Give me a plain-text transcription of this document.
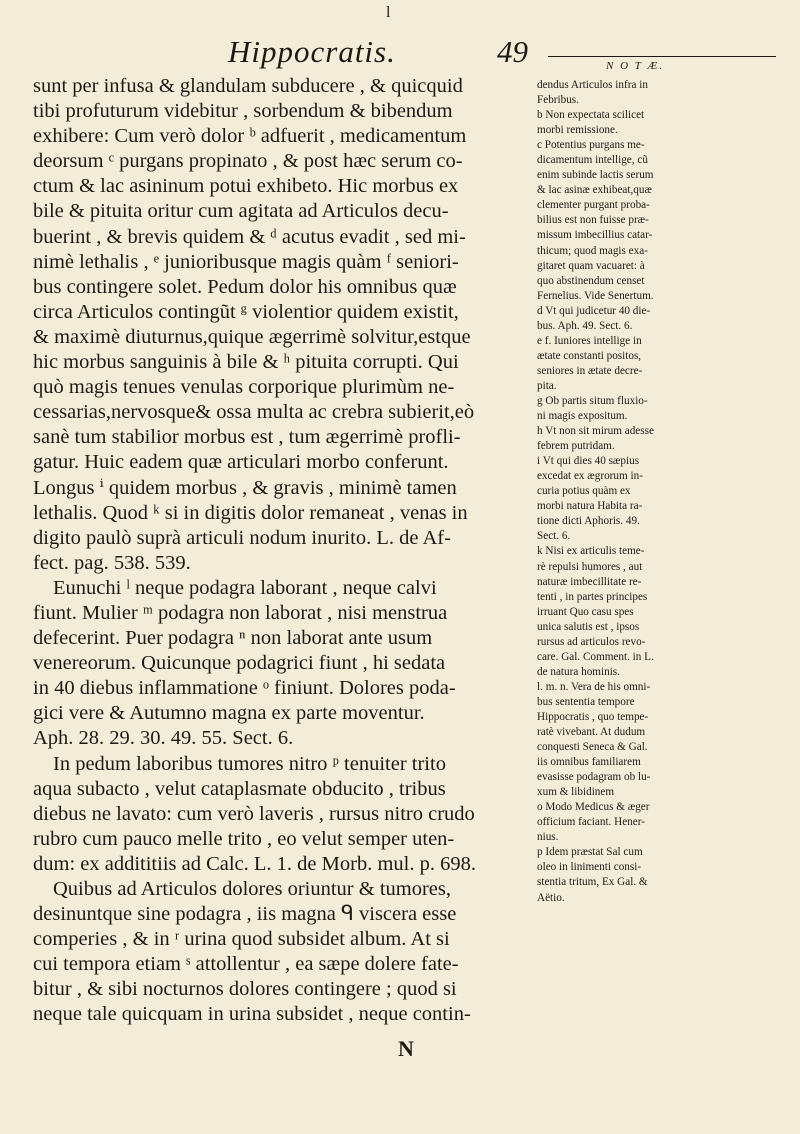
l
Hippocratis.	49	N O T Æ.
sunt per infusa & glandulam subducere , & quicquid
tibi profuturum videbitur , sorbendum & bibendum
exhibere: Cum verò dolor ᵇ adfuerit , medicamentum
deorsum ᶜ purgans propinato , & post hæc serum co-
ctum & lac asininum potui exhibeto. Hic morbus ex
bile & pituita oritur cum agitata ad Articulos decu-
buerint , & brevis quidem & ᵈ acutus evadit , sed mi-
nimè lethalis , ᵉ junioribusque magis quàm ᶠ seniori-
bus contingere solet. Pedum dolor his omnibus quæ
circa Articulos contingũt ᵍ violentior quidem existit,
& maximè diuturnus,quique ægerrimè solvitur,estque
hic morbus sanguinis à bile & ʰ pituita corrupti. Qui
quò magis tenues venulas corporique plurimùm ne-
cessarias,nervosque& ossa multa ac crebra subierit,eò
sanè tum stabilior morbus est , tum ægerrimè profli-
gatur. Huic eadem quæ articulari morbo conferunt.
Longus ⁱ quidem morbus , & gravis , minimè tamen
lethalis. Quod ᵏ si in digitis dolor remaneat , venas in
digito paulò suprà articuli nodum inurito. L. de Af-
fect. pag. 538. 539.
Eunuchi ˡ neque podagra laborant , neque calvi
fiunt. Mulier ᵐ podagra non laborat , nisi menstrua
defecerint. Puer podagra ⁿ non laborat ante usum
venereorum. Quicunque podagrici fiunt , hi sedata
in 40 diebus inflammatione ᵒ finiunt. Dolores poda-
gici vere & Autumno magna ex parte moventur.
Aph. 28. 29. 30. 49. 55. Sect. 6.
In pedum laboribus tumores nitro ᵖ tenuiter trito
aqua subacto , velut cataplasmate obducito , tribus
diebus ne lavato: cum verò laveris , rursus nitro crudo
rubro cum pauco melle trito , eo velut semper uten-
dum: ex addititiis ad Calc. L. 1. de Morb. mul. p. 698.
Quibus ad Articulos dolores oriuntur & tumores,
desinuntque sine podagra , iis magna ᑫ viscera esse
comperies , & in ʳ urina quod subsidet album. At si
cui tempora etiam ˢ attollentur , ea sæpe dolere fate-
bitur , & sibi nocturnos dolores contingere ; quod si
neque tale quicquam in urina subsidet , neque contin-
dendus Articulos infra in
Febribus.
b Non expectata scilicet
morbi remissione.
c Potentius purgans me-
dicamentum intellige, cũ
enim subinde lactis serum
& lac asinæ exhibeat,quæ
clementer purgant proba-
bilius est non fuisse præ-
missum imbecillius catar-
thicum; quod magis exa-
gitaret quam vacuaret: à
quo abstinendum censet
Fernelius. Vide Senertum.
d Vt qui judicetur 40 die-
bus. Aph. 49. Sect. 6.
e f. Iuniores intellige in
ætate constanti positos,
seniores in ætate decre-
pita.
g Ob partis situm fluxio-
ni magis expositum.
h Vt non sit mirum adesse
febrem putridam.
i Vt qui dies 40 sæpius
excedat ex ægrorum in-
curia potius quàm ex
morbi natura Habita ra-
tione dicti Aphoris. 49.
Sect. 6.
k Nisi ex articulis teme-
rè repulsi humores , aut
naturæ imbecillitate re-
tenti , in partes principes
irruant Quo casu spes
unica salutis est , ipsos
rursus ad articulos revo-
care. Gal. Comment. in L.
de natura hominis.
l. m. n. Vera de his omni-
bus sententia tempore
Hippocratis , quo tempe-
ratè vivebant. At dudum
conquesti Seneca & Gal.
iis omnibus familiarem
evasisse podagram ob lu-
xum & libidinem
o Modo Medicus & æger
officium faciant. Hener-
nius.
p Idem præstat Sal cum
oleo in linimenti consi-
stentia tritum, Ex Gal. &
Aëtio.
N
